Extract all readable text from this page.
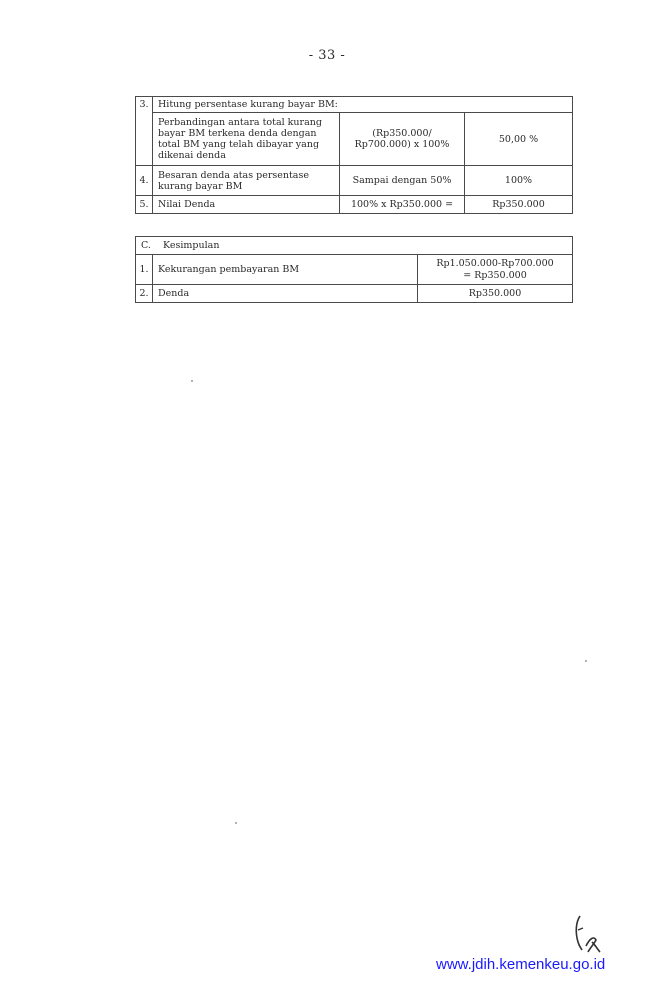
- 33 -
3.	Hitung persentase kurang bayar BM:		
	Perbandingan antara total kurang bayar BM terkena denda dengan total BM yang telah dibayar yang dikenai denda	(Rp350.000/ Rp700.000) x 100%	50,00 %
4.	Besaran denda atas persentase kurang bayar BM	Sampai dengan 50%	100%
5.	Nilai Denda	100% x Rp350.000 =	Rp350.000
C. Kesimpulan		
1.	Kekurangan pembayaran BM	Rp1.050.000-Rp700.000
= Rp350.000

2.	Denda	Rp350.000
www.jdih.kemenkeu.go.id
